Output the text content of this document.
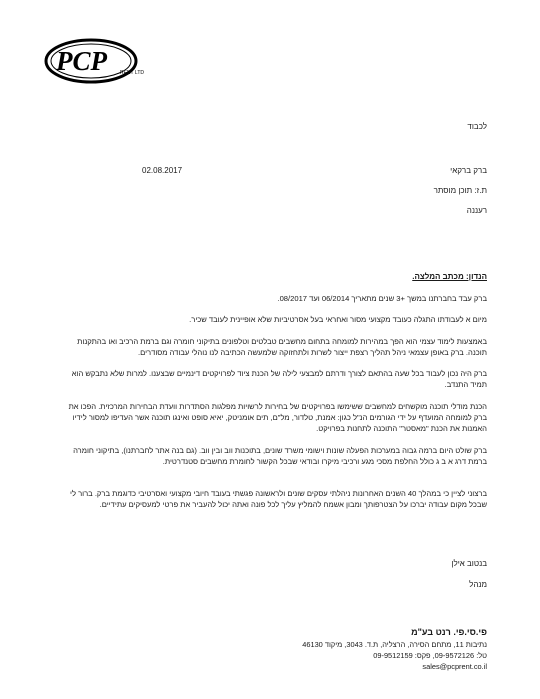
PCP	RENT LTD
לכבוד
02.08.2017	ברק ברקאי
ת.ז: תוכן מוסתר
רעננה
הנדון: מכתב המלצה.
ברק עבד בחברתנו במשך +3 שנים מתאריך 06/2014 ועד 08/2017.
מיום א לעבודתו התגלה כעובד מקצועי מסור ואחראי בעל אסרטיביות שלא אופיינית לעובד שכיר.
באמצעות לימוד עצמי הוא הפך במהירות למומחה בתחום מחשבים טבלטים וטלפונים בתיקוני חומרה וגם ברמת הרכיב ואו בהתקנות תוכנה. ברק באופן עצמאי ניהל תהליך רצפת ייצור לשרות ולתחזוקה שלמעשה הכתיבה לנו נוהלי עבודה מסודרים.
ברק היה נכון לעבוד בכל שעה בהתאם לצורך ודרתם למבצעי לילה של הכנת ציוד לפרויקטים דינמיים שבצענו. למרות שלא נתבקש הוא תמיד התנדב.
הכנת מודלי תוכנה מוקשחים למחשבים ששימשו בפרויקטים של בחירות לרשויות מפלגות הסתדרות וועדת הבחירות המרכזית. הפכו את ברק למומחה המועדף על ידי הגורמים הנ"ל כגון: אמנת, טלדור, מל"ם, תים אומניטק, יאיא סופט ואינגו תוכנה אשר העדיפו למסור לידיו האמנות את הכנת "מאסטר" התוכנה לתחנות בפרויקט.
ברק שולט היום ברמה גבוה במערכות הפעלה שונות וישומי משרד שונים, בתוכנות ווב ובין ווב. (גם בנה אתר לחברתנו), בתיקוני חומרה ברמת דרג א ב ג כולל החלפת מסכי מגע ורכיבי מיקרו ובודאי שבכל הקשור לחומרת מחשבים סטנדרטית.
ברצוני לציין כי במהלך 40 השנים האחרונות ניהלתי עסקים שונים ולראשונה פגשתי בעובד חיובי מקצועי ואסרטיבי כדוגמת ברק. ברור לי שבכל מקום עבודה יברכו על הצטרפותך ומבון אשמח להמליץ עליך לכל פונה ואתה יכול להעביר את פרטי למעסיקים עתידיים.
בנטוב אילן
מנהל
פי.סי.פי. רנט בע"מ
נתיבות 11, מתחם הסירה, הרצליה, ת.ד. 3043, מיקוד 46130
טל: 09-9572126, פקס: 09-9512159
sales@pcprent.co.il
